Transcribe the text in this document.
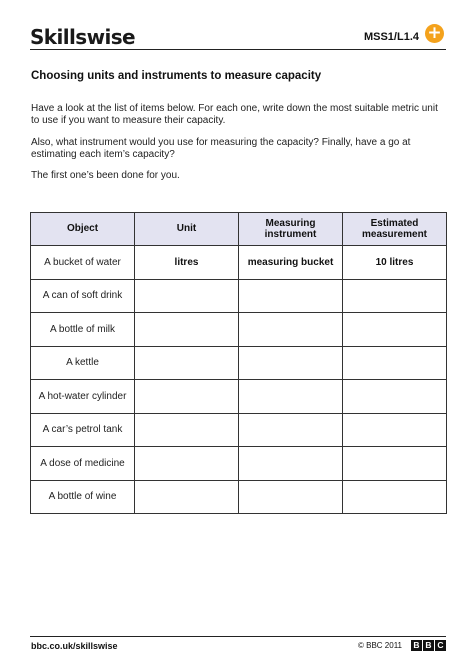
Skillswise	MSS1/L1.4 +
Choosing units and instruments to measure capacity
Have a look at the list of items below. For each one, write down the most suitable metric unit to use if you want to measure their capacity.
Also, what instrument would you use for measuring the capacity? Finally, have a go at estimating each item’s capacity?
The first one’s been done for you.
Object	Unit	Measuring instrument	Estimated measurement
A bucket of water	litres	measuring bucket	10 litres
A can of soft drink			
A bottle of milk			
A kettle			
A hot-water cylinder			
A car’s petrol tank			
A dose of medicine			
A bottle of wine			
bbc.co.uk/skillswise	© BBC 2011 B B C
